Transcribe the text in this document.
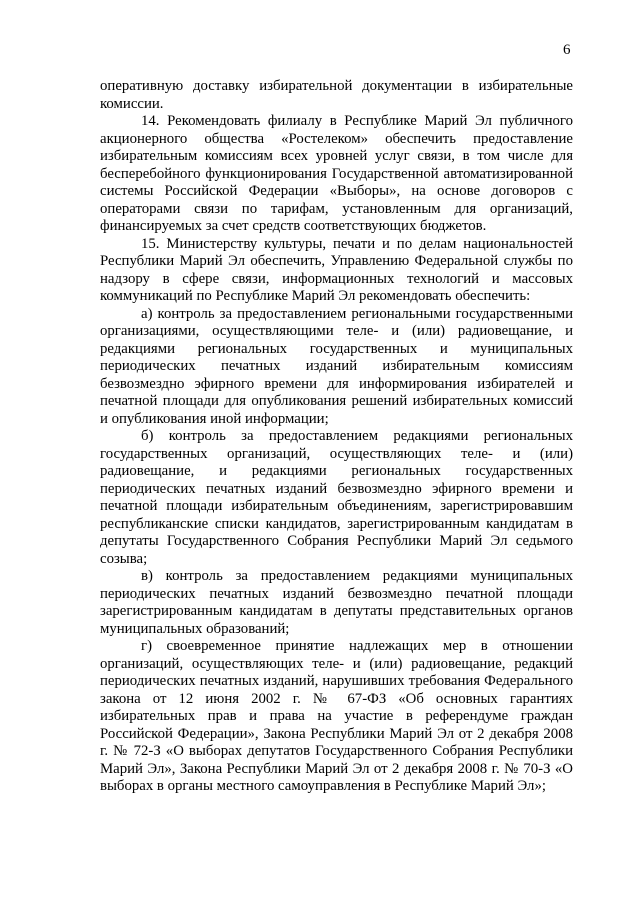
6

оперативную доставку избирательной документации в избирательные комиссии.

14. Рекомендовать филиалу в Республике Марий Эл публичного акционерного общества «Ростелеком» обеспечить предоставление избирательным комиссиям всех уровней услуг связи, в том числе для бесперебойного функционирования Государственной автоматизированной системы Российской Федерации «Выборы», на основе договоров с операторами связи по тарифам, установленным для организаций, финансируемых за счет средств соответствующих бюджетов.

15. Министерству культуры, печати и по делам национальностей Республики Марий Эл обеспечить, Управлению Федеральной службы по надзору в сфере связи, информационных технологий и массовых коммуникаций по Республике Марий Эл рекомендовать обеспечить:

а) контроль за предоставлением региональными государственными организациями, осуществляющими теле- и (или) радиовещание, и редакциями региональных государственных и муниципальных периодических печатных изданий избирательным комиссиям безвозмездно эфирного времени для информирования избирателей и печатной площади для опубликования решений избирательных комиссий и опубликования иной информации;

б) контроль за предоставлением редакциями региональных государственных организаций, осуществляющих теле- и (или) радиовещание, и редакциями региональных государственных периодических печатных изданий безвозмездно эфирного времени и печатной площади избирательным объединениям, зарегистрировавшим республиканские списки кандидатов, зарегистрированным кандидатам в депутаты Государственного Собрания Республики Марий Эл седьмого созыва;

в) контроль за предоставлением редакциями муниципальных периодических печатных изданий безвозмездно печатной площади зарегистрированным кандидатам в депутаты представительных органов муниципальных образований;

г) своевременное принятие надлежащих мер в отношении организаций, осуществляющих теле- и (или) радиовещание, редакций периодических печатных изданий, нарушивших требования Федерального закона от 12 июня 2002 г. № 67-ФЗ «Об основных гарантиях избирательных прав и права на участие в референдуме граждан Российской Федерации», Закона Республики Марий Эл от 2 декабря 2008 г. № 72-З «О выборах депутатов Государственного Собрания Республики Марий Эл», Закона Республики Марий Эл от 2 декабря 2008 г. № 70-З «О выборах в органы местного самоуправления в Республике Марий Эл»;
